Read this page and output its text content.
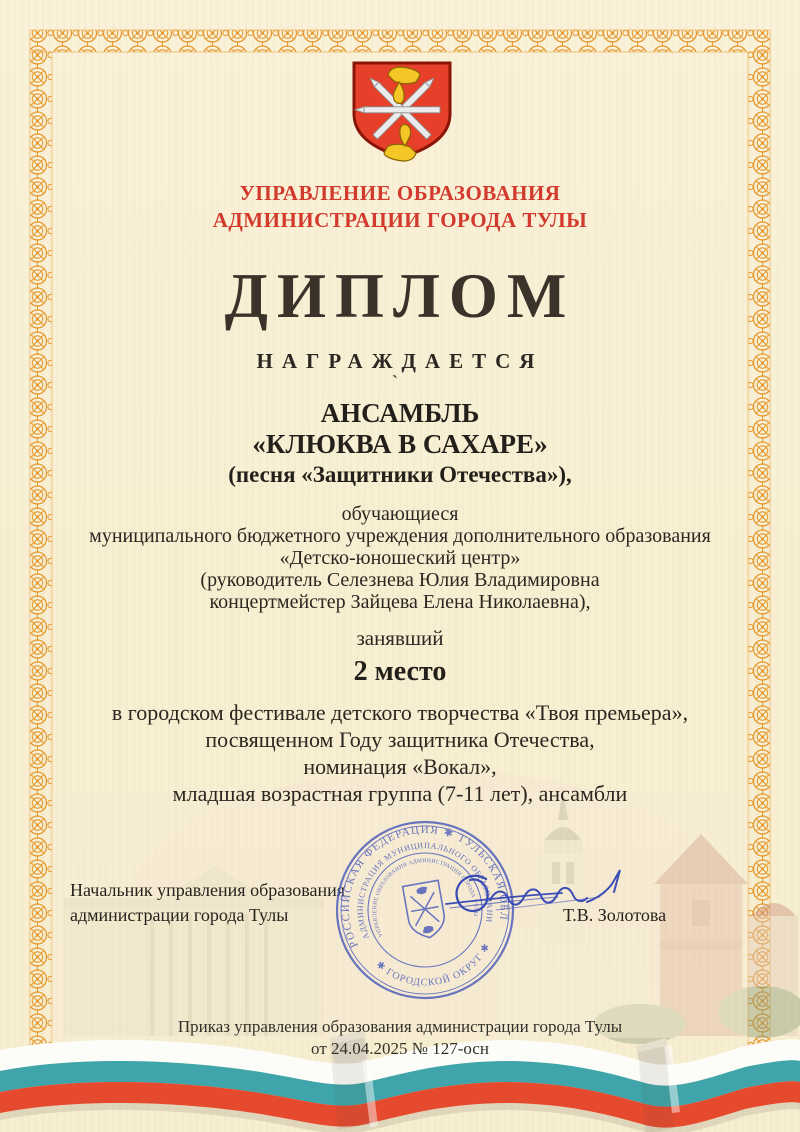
УПРАВЛЕНИЕ ОБРАЗОВАНИЯ
АДМИНИСТРАЦИИ ГОРОДА ТУЛЫ
ДИПЛОМ
НАГРАЖДАЕТСЯ
`
АНСАМБЛЬ
«КЛЮКВА В САХАРЕ»
(песня «Защитники Отечества»),
обучающиеся
муниципального бюджетного учреждения дополнительного образования
«Детско-юношеский центр»
(руководитель Селезнева Юлия Владимировна
концертмейстер Зайцева Елена Николаевна),
занявший
2 место
в городском фестивале детского творчества «Твоя премьера»,
посвященном Году защитника Отечества,
номинация «Вокал»,
младшая возрастная группа (7-11 лет), ансамбли
Начальник управления образования
администрации города Тулы	Т.В. Золотова
Приказ управления образования администрации города Тулы
от 24.04.2025 № 127-осн
РОССИЙСКАЯ ФЕДЕРАЦИЯ ✱ ТУЛЬСКАЯ ОБЛАСТЬ
АДМИНИСТРАЦИЯ МУНИЦИПАЛЬНОГО ОБРАЗОВАНИЯ
✱ ГОРОДСКОЙ ОКРУГ ✱
УПРАВЛЕНИЕ ОБРАЗОВАНИЯ АДМИНИСТРАЦИИ ГОРОДА ТУЛЫ
